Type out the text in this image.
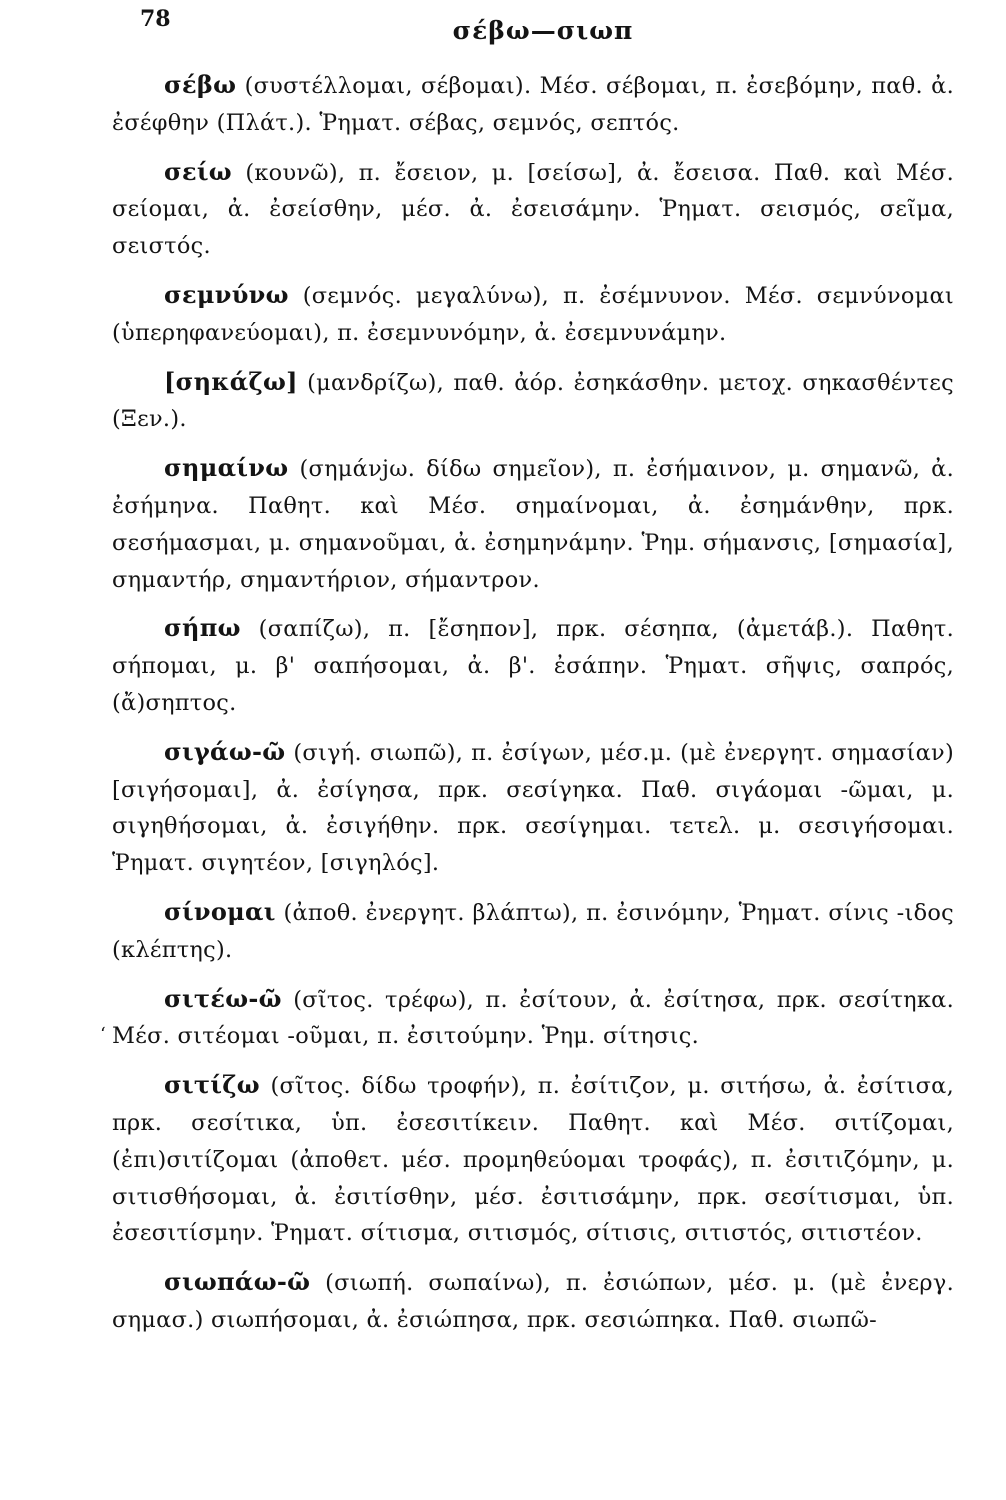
78	σέβω—σιωπ
ʻ

σέβω (συστέλλομαι, σέβομαι). Μέσ. σέβομαι, π. ἐσεβόμην, παθ. ἀ. ἐσέφθην (Πλάτ.). Ῥηματ. σέβας, σεμνός, σεπτός.

σείω (κουνῶ), π. ἔσειον, μ. [σείσω], ἀ. ἔσεισα. Παθ. καὶ Μέσ. σείομαι, ἀ. ἐσείσθην, μέσ. ἀ. ἐσεισάμην. Ῥηματ. σεισμός, σεῖμα, σειστός.

σεμνύνω (σεμνός. μεγαλύνω), π. ἐσέμνυνον. Μέσ. σεμνύνομαι (ὑπερηφανεύομαι), π. ἐσεμνυνόμην, ἀ. ἐσεμνυνάμην.

[σηκάζω] (μανδρίζω), παθ. ἀόρ. ἐσηκάσθην. μετοχ. σηκασθέντες (Ξεν.).

σημαίνω (σημάνjω. δίδω σημεῖον), π. ἐσήμαινον, μ. σημανῶ, ἀ. ἐσήμηνα. Παθητ. καὶ Μέσ. σημαίνομαι, ἀ. ἐσημάνθην, πρκ. σεσήμασμαι, μ. σημανοῦμαι, ἀ. ἐσημηνάμην. Ῥημ. σήμανσις, [σημασία], σημαντήρ, σημαντήριον, σήμαντρον.

σήπω (σαπίζω), π. [ἔσηπον], πρκ. σέσηπα, (ἀμετάβ.). Παθητ. σήπομαι, μ. β' σαπήσομαι, ἀ. β'. ἐσάπην. Ῥηματ. σῆψις, σαπρός, (ἄ)σηπτος.

σιγάω-ῶ (σιγή. σιωπῶ), π. ἐσίγων, μέσ.μ. (μὲ ἐνεργητ. σημασίαν) [σιγήσομαι], ἀ. ἐσίγησα, πρκ. σεσίγηκα. Παθ. σιγάομαι -ῶμαι, μ. σιγηθήσομαι, ἀ. ἐσιγήθην. πρκ. σεσίγημαι. τετελ. μ. σεσιγήσομαι. Ῥηματ. σιγητέον, [σιγηλός].

σίνομαι (ἀποθ. ἐνεργητ. βλάπτω), π. ἐσινόμην, Ῥηματ. σίνις -ιδος (κλέπτης).

σιτέω-ῶ (σῖτος. τρέφω), π. ἐσίτουν, ἀ. ἐσίτησα, πρκ. σεσίτηκα. Μέσ. σιτέομαι -οῦμαι, π. ἐσιτούμην. Ῥημ. σίτησις.

σιτίζω (σῖτος. δίδω τροφήν), π. ἐσίτιζον, μ. σιτήσω, ἀ. ἐσίτισα, πρκ. σεσίτικα, ὑπ. ἐσεσιτίκειν. Παθητ. καὶ Μέσ. σιτίζομαι, (ἐπι)σιτίζομαι (ἀποθετ. μέσ. προμηθεύομαι τροφάς), π. ἐσιτιζόμην, μ. σιτισθήσομαι, ἀ. ἐσιτίσθην, μέσ. ἐσιτισάμην, πρκ. σεσίτισμαι, ὑπ. ἐσεσιτίσμην. Ῥηματ. σίτισμα, σιτισμός, σίτισις, σιτιστός, σιτιστέον.

σιωπάω-ῶ (σιωπή. σωπαίνω), π. ἐσιώπων, μέσ. μ. (μὲ ἐνεργ. σημασ.) σιωπήσομαι, ἀ. ἐσιώπησα, πρκ. σεσιώπηκα. Παθ. σιωπῶ-
